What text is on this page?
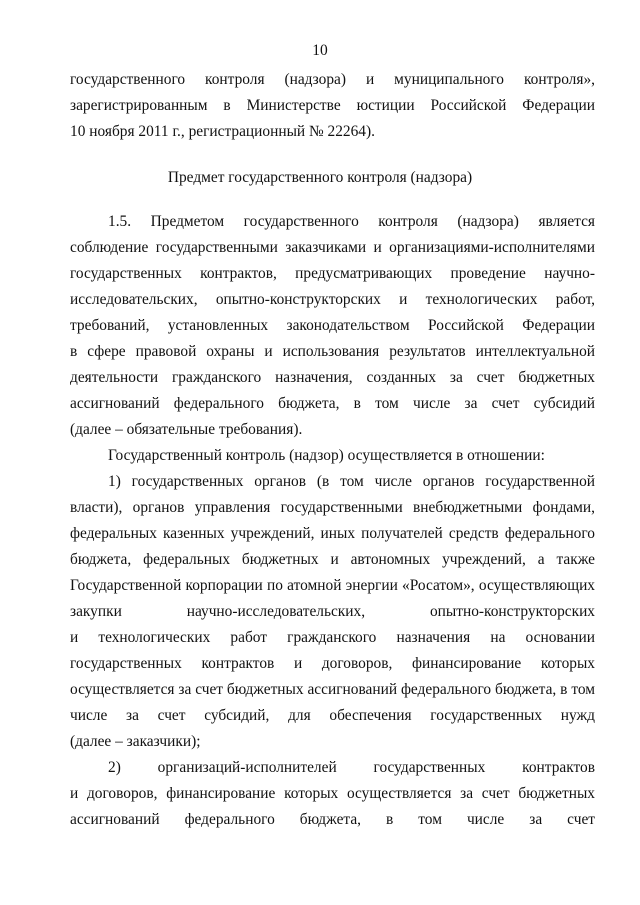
10
государственного контроля (надзора) и муниципального контроля»,
зарегистрированным в Министерстве юстиции Российской Федерации
10 ноября 2011 г., регистрационный № 22264).
Предмет государственного контроля (надзора)
1.5. Предметом государственного контроля (надзора) является
соблюдение государственными заказчиками и организациями-исполнителями
государственных контрактов, предусматривающих проведение научно-
исследовательских, опытно-конструкторских и технологических работ,
требований, установленных законодательством Российской Федерации
в сфере правовой охраны и использования результатов интеллектуальной
деятельности гражданского назначения, созданных за счет бюджетных
ассигнований федерального бюджета, в том числе за счет субсидий
(далее – обязательные требования).
Государственный контроль (надзор) осуществляется в отношении:
1) государственных органов (в том числе органов государственной
власти), органов управления государственными внебюджетными фондами,
федеральных казенных учреждений, иных получателей средств федерального
бюджета, федеральных бюджетных и автономных учреждений, а также
Государственной корпорации по атомной энергии «Росатом», осуществляющих
закупки научно-исследовательских, опытно-конструкторских
и технологических работ гражданского назначения на основании
государственных контрактов и договоров, финансирование которых
осуществляется за счет бюджетных ассигнований федерального бюджета, в том
числе за счет субсидий, для обеспечения государственных нужд
(далее – заказчики);
2) организаций-исполнителей государственных контрактов
и договоров, финансирование которых осуществляется за счет бюджетных
ассигнований федерального бюджета, в том числе за счет
